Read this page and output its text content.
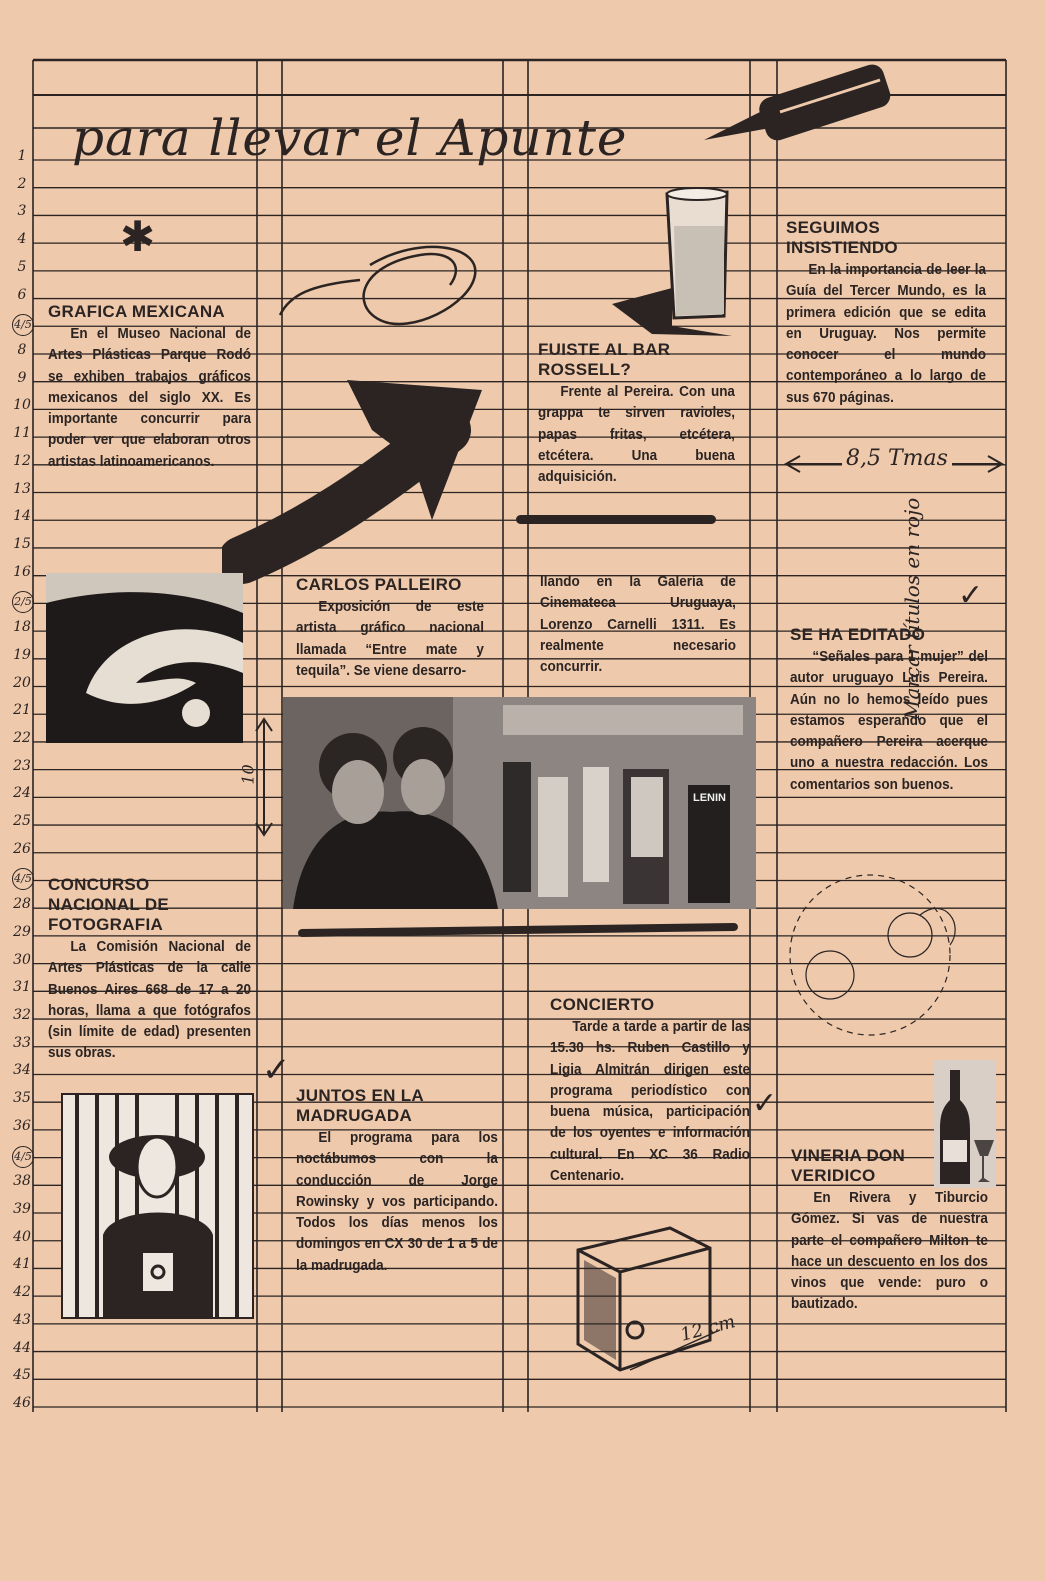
1
2
3
4
5
6
4/5
8
9
10
11
12
13
14
15
16
2/5
18
19
20
21
22
23
24
25
26
4/5
28
29
30
31
32
33
34
35
36
4/5
38
39
40
41
42
43
44
45
46
para llevar el Apunte
✱
8,5 Tmas
Marcar títulos en rojo
GRAFICA MEXICANA

En el Museo Nacional de Artes Plásticas Parque Rodó se exhiben trabajos gráficos mexicanos del siglo XX. Es importante concurrir para poder ver que elaboran otros artistas latinoamericanos.

FUISTE AL BAR ROSSELL?

Frente al Pereira. Con una grappa te sirven ravioles, papas fritas, etcétera, etcétera. Una buena adquisición.

SEGUIMOS INSISTIENDO

En la importancia de leer la Guía del Tercer Mundo, es la primera edición que se edita en Uruguay. Nos permite conocer el mundo contemporáneo a lo largo de sus 670 páginas.

CARLOS PALLEIRO

Exposición de este artista gráfico nacional llamada “Entre mate y tequila”. Se viene desarro-

llando en la Galería de Cinemateca Uruguaya, Lorenzo Carnelli 1311. Es realmente necesario concurrir.

LENIN
10
SE HA EDITADO

“Señales para 1 mujer” del autor uruguayo Luis Pereira. Aún no lo hemos leído pues estamos esperando que el compañero Pereira acerque uno a nuestra redacción. Los comentarios son buenos.

CONCURSO NACIONAL DE FOTOGRAFIA

La Comisión Nacional de Artes Plásticas de la calle Buenos Aires 668 de 17 a 20 horas, llama a que fotógrafos (sin límite de edad) presenten sus obras.

CONCIERTO

Tarde a tarde a partir de las 15.30 hs. Ruben Castillo y Ligia Almitrán dirigen este programa periodístico con buena música, participación de los oyentes e información cultural. En XC 36 Radio Centenario.

JUNTOS EN LA MADRUGADA

El programa para los noctábumos con la conducción de Jorge Rowinsky y vos participando. Todos los días menos los domingos en CX 30 de 1 a 5 de la madrugada.

VINERIA DON VERIDICO

En Rivera y Tiburcio Gómez. Si vas de nuestra parte el compañero Milton te hace un descuento en los dos vinos que vende: puro o bautizado.

12 cm
✓
✓
✓
